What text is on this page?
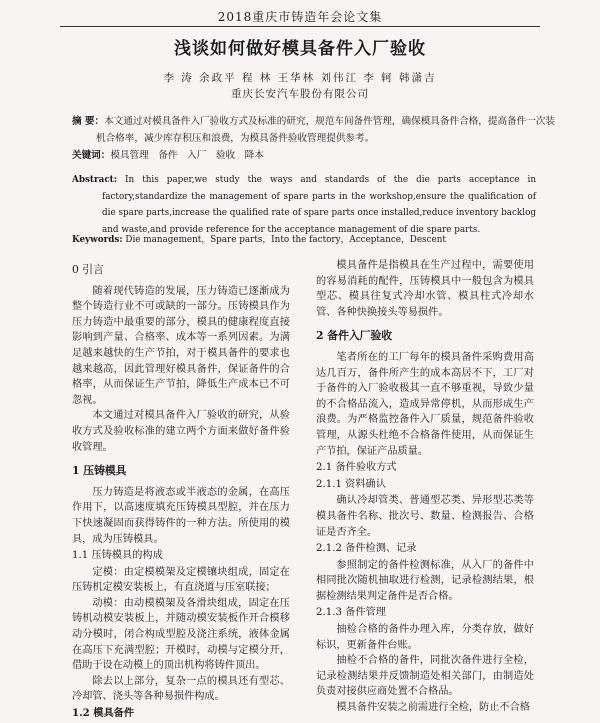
2018重庆市铸造年会论文集
浅谈如何做好模具备件入厂验收
李 涛 余政平 程 林 王华林 刘伟江 李 轲 韩潇吉
重庆长安汽车股份有限公司
摘 要：本文通过对模具备件入厂验收方式及标准的研究，规范车间备件管理，确保模具备件合格，提高备件一次装机合格率，减少库存积压和浪费，为模具备件验收管理提供参考。
关键词：模具管理　备件　入厂　验收　降本
Abstract: In this paper,we study the ways and standards of the die parts acceptance in factory,standardize the management of spare parts in the workshop,ensure the qualification of die spare parts,increase the qualified rate of spare parts once installed,reduce inventory backlog and waste,and provide reference for the acceptance management of die spare parts.
Keywords: Die management，Spare parts，Into the factory，Acceptance，Descent
0 引言

随着现代铸造的发展，压力铸造已逐渐成为整个铸造行业不可或缺的一部分。压铸模具作为压力铸造中最重要的部分，模具的健康程度直接影响到产量、合格率、成本等一系列因素。为满足越来越快的生产节拍，对于模具备件的要求也越来越高，因此管理好模具备件，保证备件的合格率，从而保证生产节拍，降低生产成本已不可忽视。

本文通过对模具备件入厂验收的研究，从验收方式及验收标准的建立两个方面来做好备件验收管理。

1 压铸模具

压力铸造是将液态或半液态的金属，在高压作用下，以高速度填充压铸模具型腔，并在压力下快速凝固而获得铸件的一种方法。所使用的模具，成为压铸模具。

1.1 压铸模具的构成

定模：由定模模架及定模镶块组成，固定在压铸机定模安装板上，有直浇道与压室联接；

动模：由动模模架及各滑块组成，固定在压铸机动模安装板上，并随动模安装板作开合模移动分模时，闭合构成型腔及浇注系统，液体金属在高压下充满型腔；开模时，动模与定模分开，借助于设在动模上的顶出机构将铸件顶出。

除去以上部分，复杂一点的模具还有型芯、冷却管、浇头等各种易损件构成。

1.2 模具备件

模具备件是指模具在生产过程中，需要使用的容易消耗的配件，压铸模具中一般包含为模具型芯、模具往复式冷却水管、模具柱式冷却水管、各种快换接头等易损件。

2 备件入厂验收

笔者所在的工厂每年的模具备件采购费用高达几百万，备件所产生的成本高居不下，工厂对于备件的入厂验收极其一直不够重视，导致少量的不合格品流入，造成异常停机，从而形成生产浪费。为严格监控备件入厂质量，规范备件验收管理，从源头杜绝不合格备件使用，从而保证生产节拍，保证产品质量。

2.1 备件验收方式
2.1.1 资料确认

确认冷却管类、普通型芯类、异形型芯类等模具备件名称、批次号、数量、检测报告、合格证是否齐全。

2.1.2 备件检测、记录

参照制定的备件检测标准，从入厂的备件中相同批次随机抽取进行检测，记录检测结果，根据检测结果判定备件是否合格。

2.1.3 备件管理

抽检合格的备件办理入库，分类存放，做好标识，更新备件台账。

抽检不合格的备件，同批次备件进行全检，记录检测结果并反馈制造处相关部门，由制造处负责对接供应商处置不合格品。

模具备件安装之前需进行全检，防止不合格
